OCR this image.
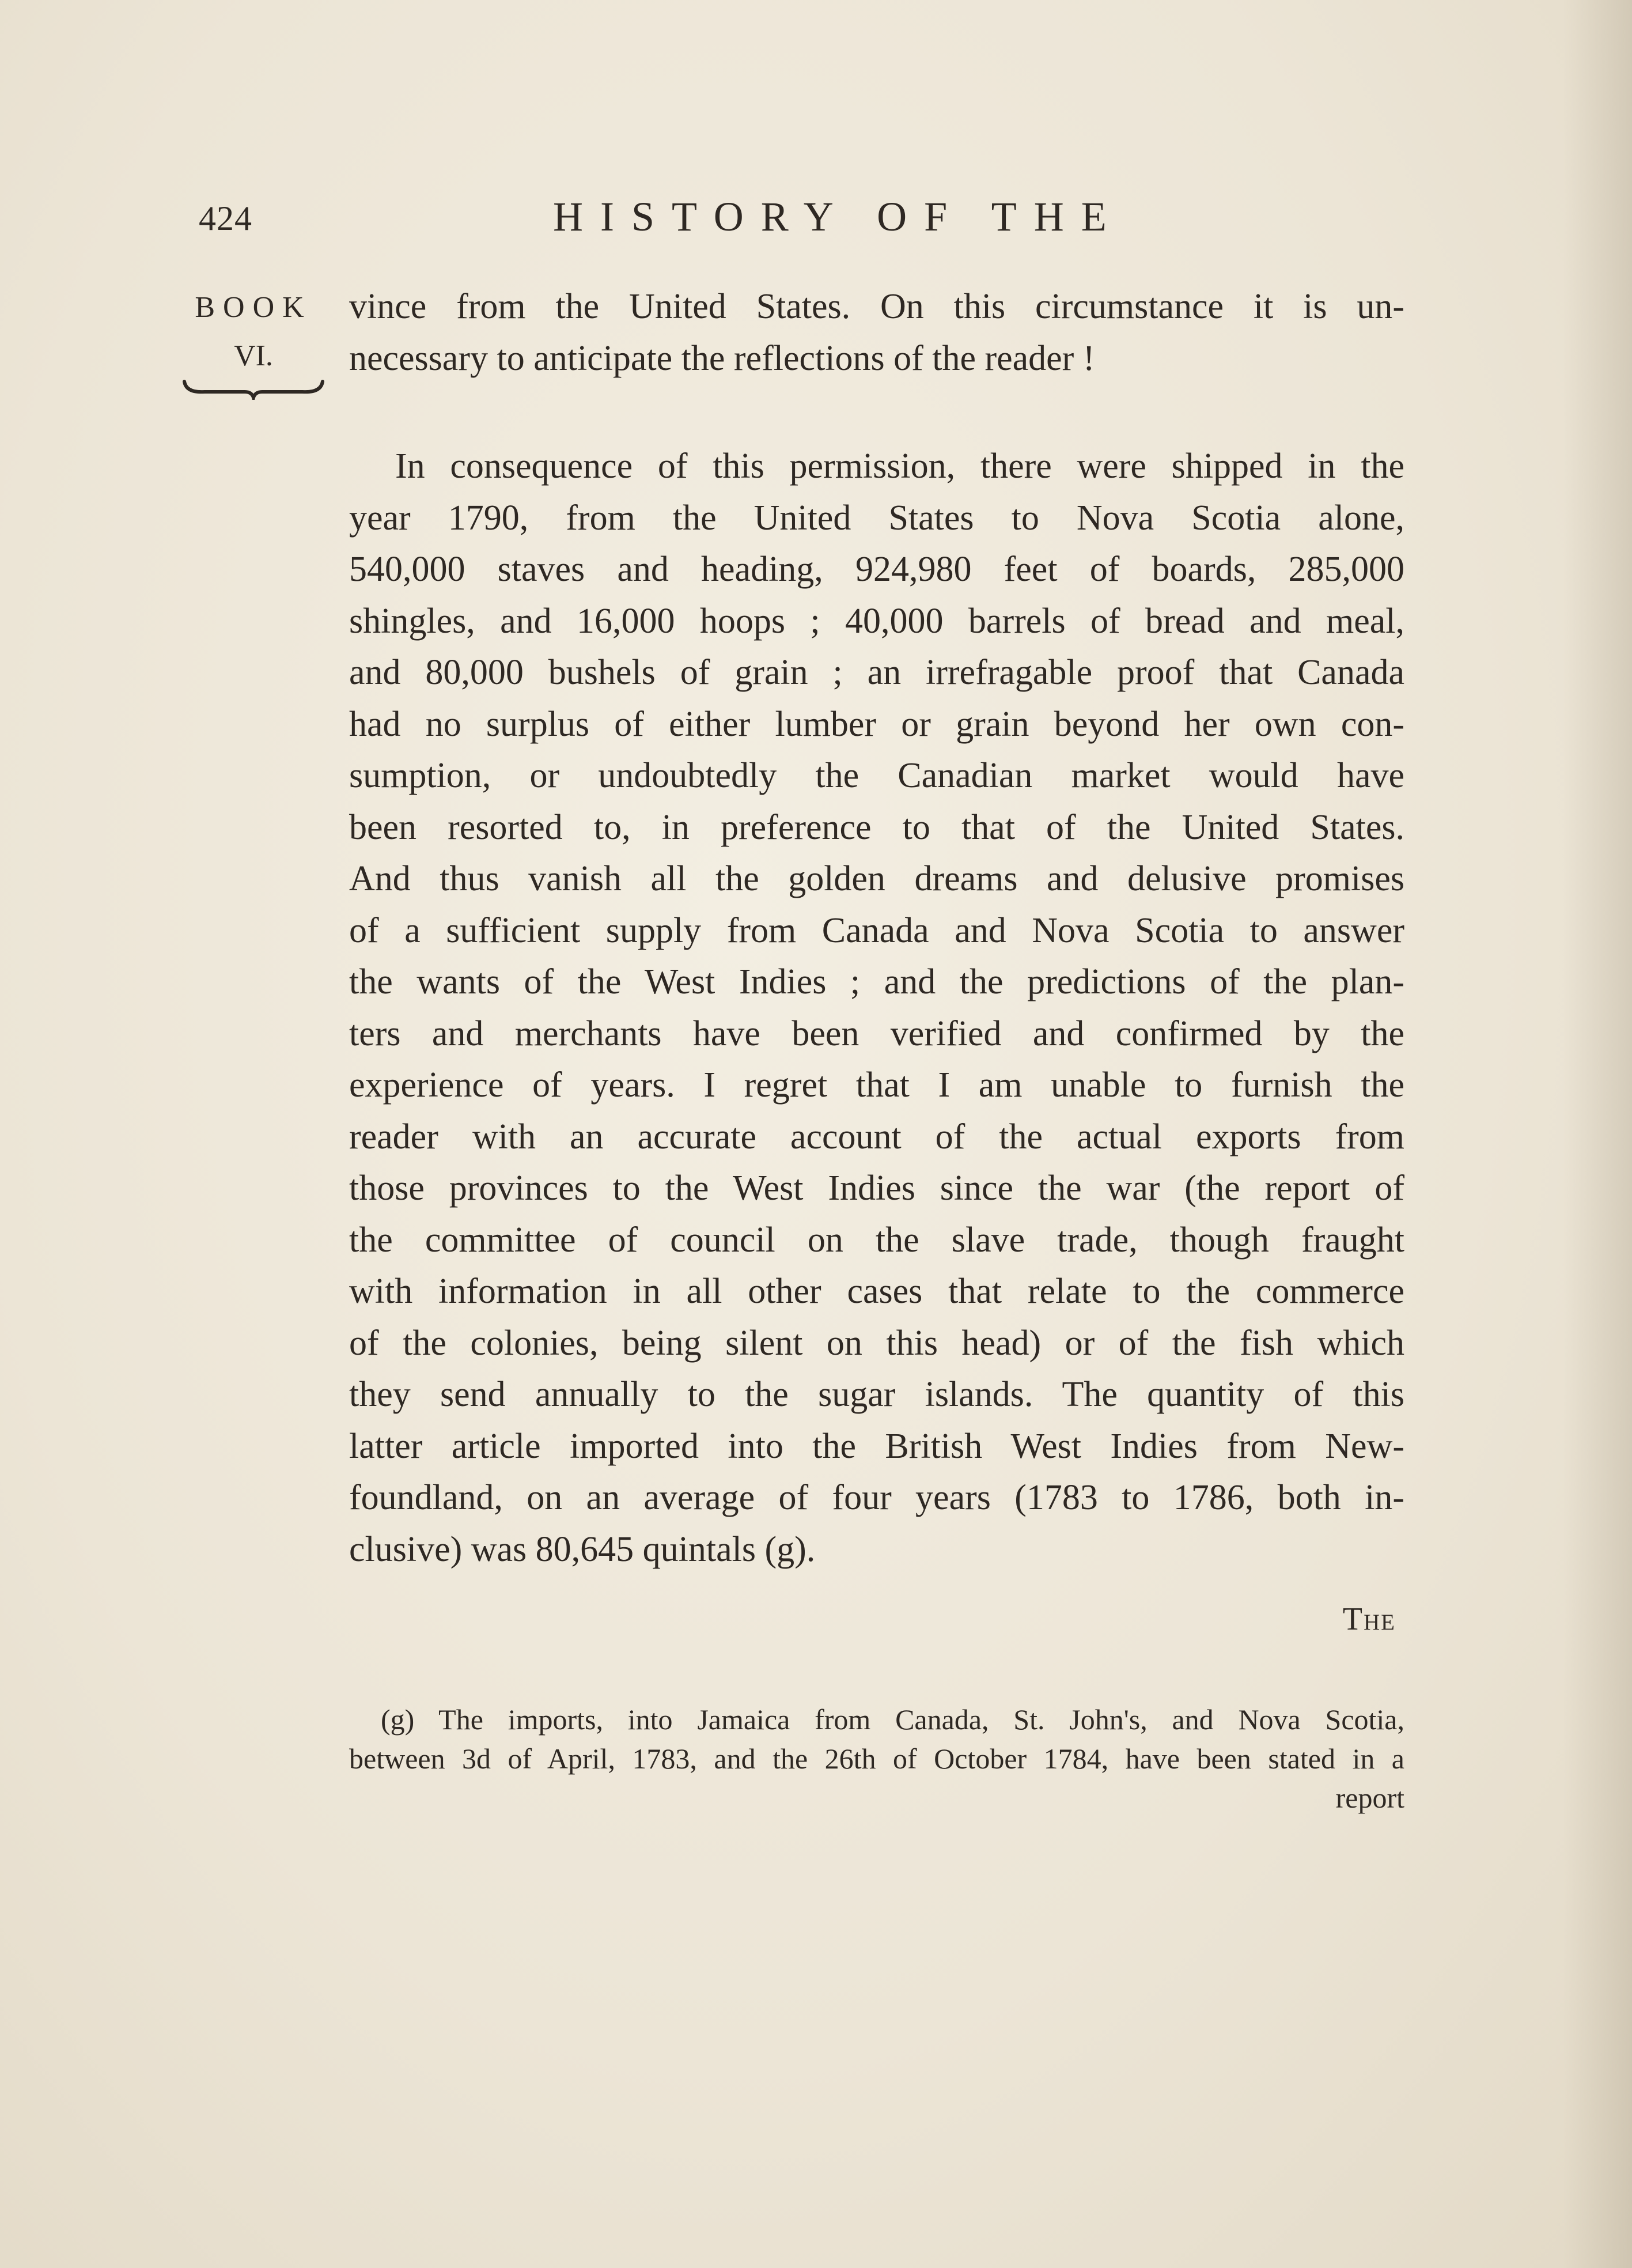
424	HISTORY OF THE
BOOK
VI.
vince from the United States. On this circumstance it is un-
necessary to anticipate the reflections of the reader !
In consequence of this permission, there were shipped in the
year 1790, from the United States to Nova Scotia alone,
540,000 staves and heading, 924,980 feet of boards, 285,000
shingles, and 16,000 hoops ; 40,000 barrels of bread and meal,
and 80,000 bushels of grain ; an irrefragable proof that Canada
had no surplus of either lumber or grain beyond her own con-
sumption, or undoubtedly the Canadian market would have
been resorted to, in preference to that of the United States.
And thus vanish all the golden dreams and delusive promises
of a sufficient supply from Canada and Nova Scotia to answer
the wants of the West Indies ; and the predictions of the plan-
ters and merchants have been verified and confirmed by the
experience of years. I regret that I am unable to furnish the
reader with an accurate account of the actual exports from
those provinces to the West Indies since the war (the report of
the committee of council on the slave trade, though fraught
with information in all other cases that relate to the commerce
of the colonies, being silent on this head) or of the fish which
they send annually to the sugar islands. The quantity of this
latter article imported into the British West Indies from New-
foundland, on an average of four years (1783 to 1786, both in-
clusive) was 80,645 quintals (g).
The
(g) The imports, into Jamaica from Canada, St. John's, and Nova Scotia,
between 3d of April, 1783, and the 26th of October 1784, have been stated in a
report
